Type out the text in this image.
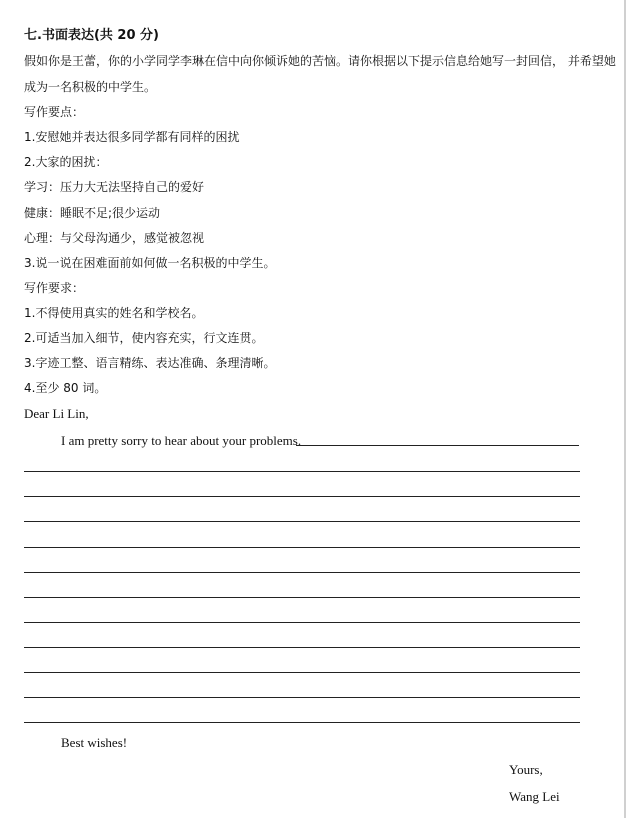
七.书面表达(共 20 分)
假如你是王蕾，你的小学同学李琳在信中向你倾诉她的苦恼。请你根据以下提示信息给她写一封回信， 并希望她
成为一名积极的中学生。
写作要点：
1.安慰她并表达很多同学都有同样的困扰
2.大家的困扰：
学习：压力大无法坚持自己的爱好
健康：睡眠不足;很少运动
心理：与父母沟通少，感觉被忽视
3.说一说在困难面前如何做一名积极的中学生。
写作要求：
1.不得使用真实的姓名和学校名。
2.可适当加入细节，使内容充实，行文连贯。
3.字迹工整、语言精练、表达准确、条理清晰。
4.至少 80 词。
Dear Li Lin,
I am pretty sorry to hear about your problems.
Best wishes!
Yours,
Wang Lei
